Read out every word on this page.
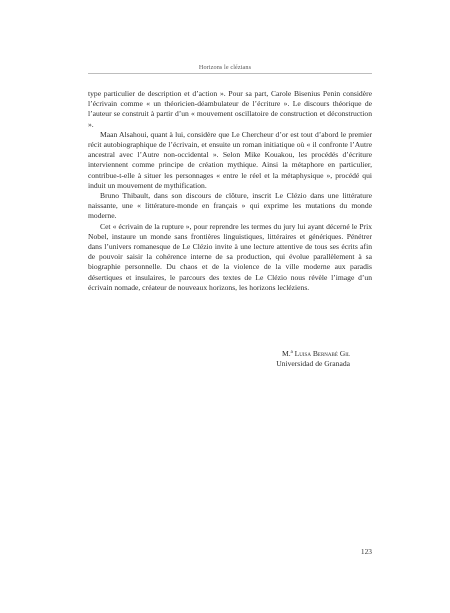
Horizons le clézians

type particulier de description et d’action ». Pour sa part, Carole Bisenius Penin considère l’écrivain comme « un théoricien-déambulateur de l’écriture ». Le discours théorique de l’auteur se construit à partir d’un « mouvement oscillatoire de construction et déconstruction ».

Maan Alsahoui, quant à lui, considère que Le Chercheur d’or est tout d’abord le premier récit autobiographique de l’écrivain, et ensuite un roman initiatique où « il confronte l’Autre ancestral avec l’Autre non-occidental ». Selon Mike Kouakou, les procédés d’écriture interviennent comme principe de création mythique. Ainsi la métaphore en particulier, contribue-t-elle à situer les personnages « entre le réel et la métaphysique », procédé qui induit un mouvement de mythification.

Bruno Thibault, dans son discours de clôture, inscrit Le Clézio dans une littérature naissante, une « littérature-monde en français » qui exprime les mutations du monde moderne.

Cet « écrivain de la rupture », pour reprendre les termes du jury lui ayant décerné le Prix Nobel, instaure un monde sans frontières linguistiques, littéraires et génériques. Pénétrer dans l’univers romanesque de Le Clézio invite à une lecture attentive de tous ses écrits afin de pouvoir saisir la cohérence interne de sa production, qui évolue parallèlement à sa biographie personnelle. Du chaos et de la violence de la ville moderne aux paradis désertiques et insulaires, le parcours des textes de Le Clézio nous révèle l’image d’un écrivain nomade, créateur de nouveaux horizons, les horizons lecléziens.

M.ª Luisa Bernabé Gil
Universidad de Granada
123
